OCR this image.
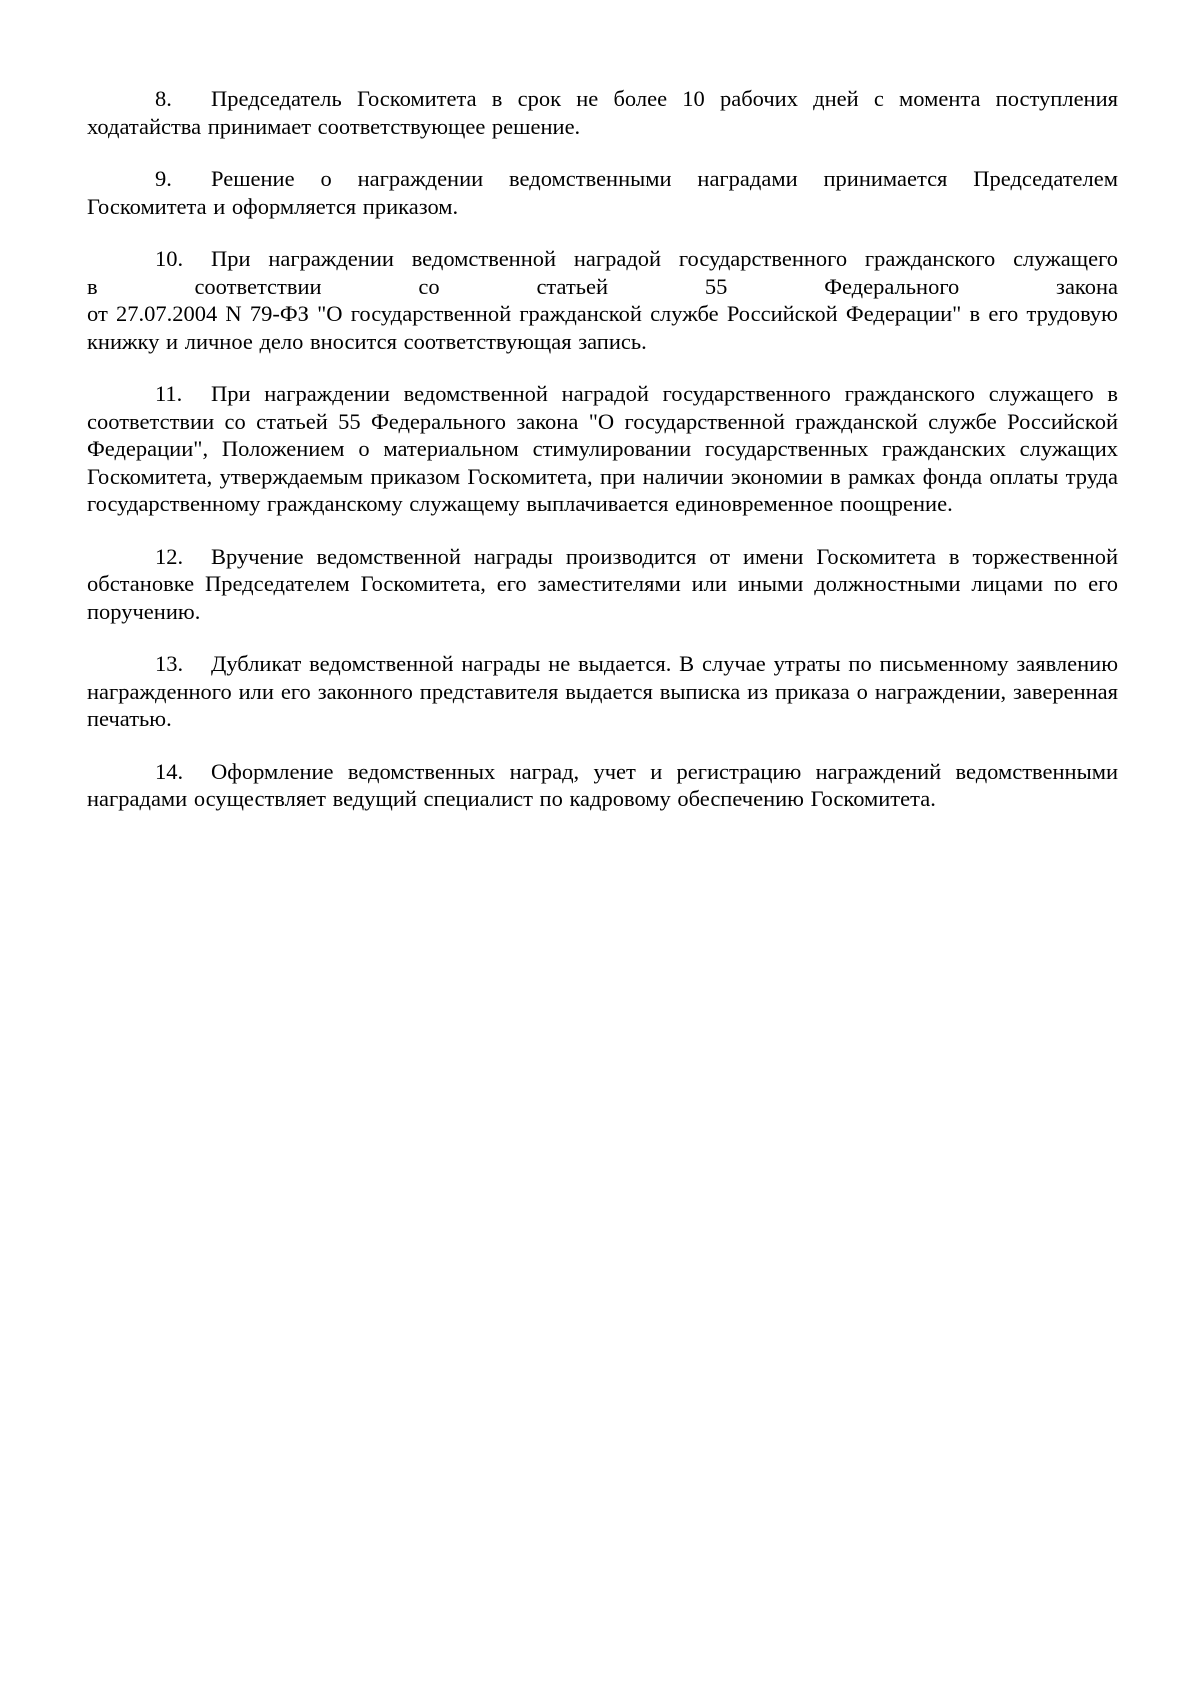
8. Председатель Госкомитета в срок не более 10 рабочих дней с момента поступления ходатайства принимает соответствующее решение.

9. Решение о награждении ведомственными наградами принимается Председателем Госкомитета и оформляется приказом.

10. При награждении ведомственной наградой государственного гражданского служащего
в соответствии со статьей 55 Федерального закона
от 27.07.2004 N 79-ФЗ "О государственной гражданской службе Российской Федерации" в его трудовую книжку и личное дело вносится соответствующая запись.

11. При награждении ведомственной наградой государственного гражданского служащего в соответствии со статьей 55 Федерального закона "О государственной гражданской службе Российской Федерации", Положением о материальном стимулировании государственных гражданских служащих Госкомитета, утверждаемым приказом Госкомитета, при наличии экономии в рамках фонда оплаты труда государственному гражданскому служащему выплачивается единовременное поощрение.

12. Вручение ведомственной награды производится от имени Госкомитета в торжественной обстановке Председателем Госкомитета, его заместителями или иными должностными лицами по его поручению.

13. Дубликат ведомственной награды не выдается. В случае утраты по письменному заявлению награжденного или его законного представителя выдается выписка из приказа о награждении, заверенная печатью.

14. Оформление ведомственных наград, учет и регистрацию награждений ведомственными наградами осуществляет ведущий специалист по кадровому обеспечению Госкомитета.
